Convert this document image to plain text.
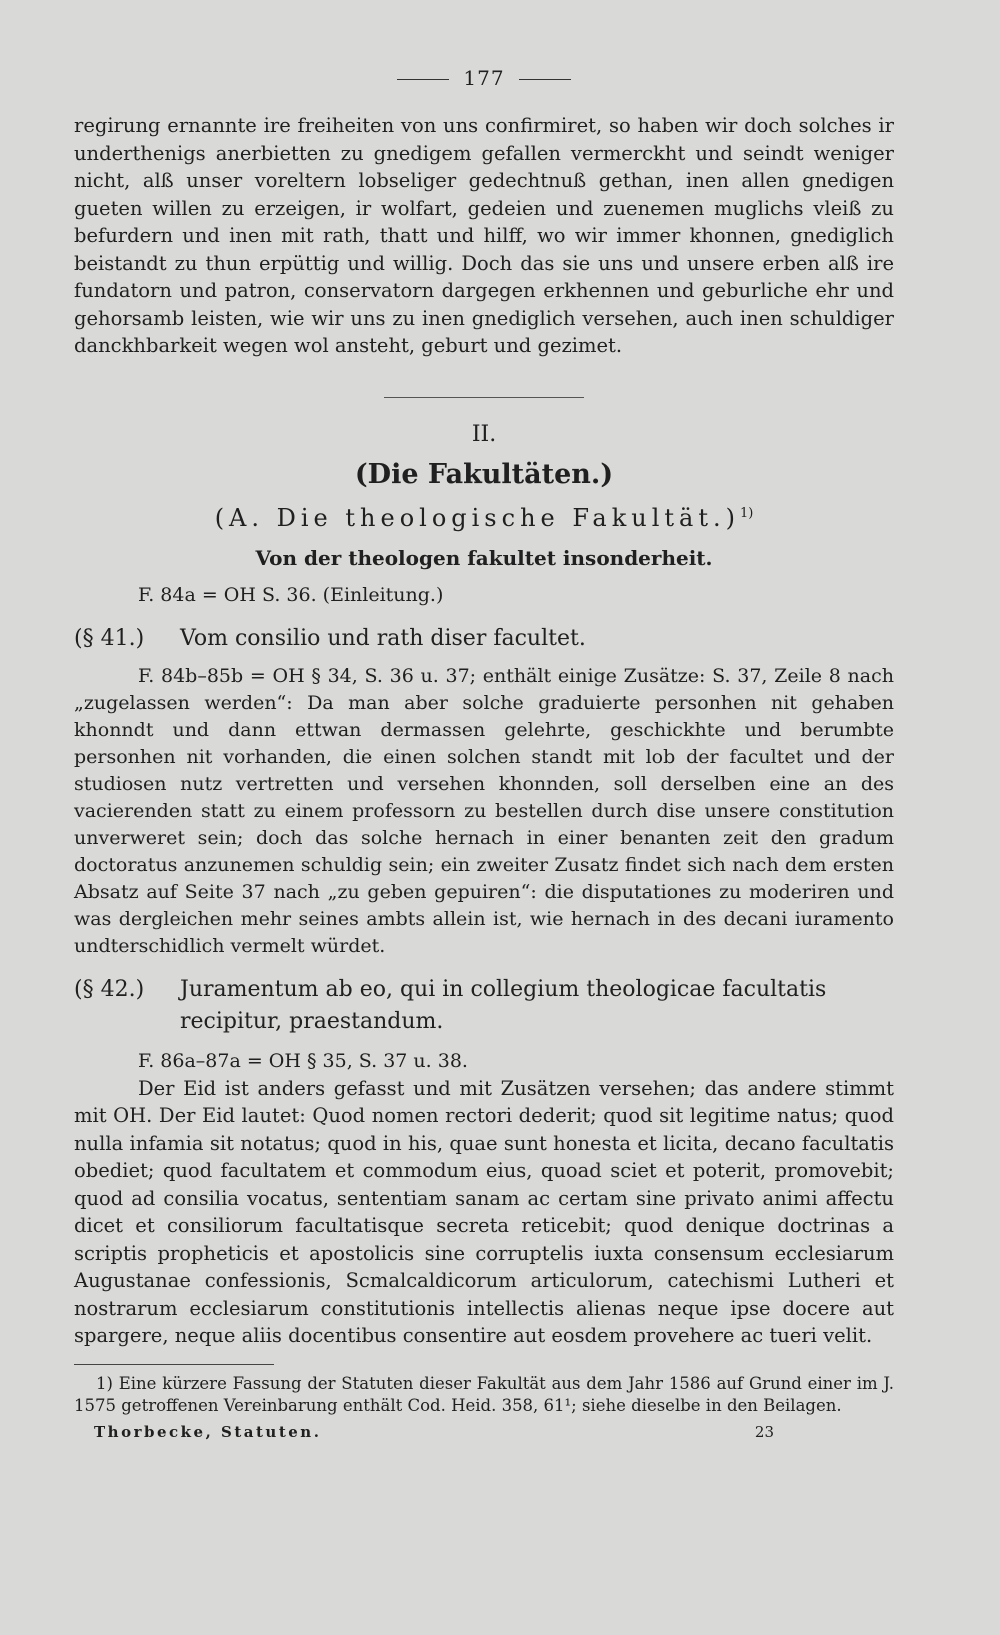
177

regirung ernannte ire freiheiten von uns confirmiret, so haben wir doch solches ir underthenigs anerbietten zu gnedigem gefallen vermerckht und seindt weniger nicht, alß unser voreltern lobseliger gedechtnuß gethan, inen allen gnedigen gueten willen zu erzeigen, ir wolfart, gedeien und zuenemen muglichs vleiß zu befurdern und inen mit rath, thatt und hilff, wo wir immer khonnen, gnediglich beistandt zu thun erpüttig und willig. Doch das sie uns und unsere erben alß ire fundatorn und patron, conservatorn dargegen erkhennen und geburliche ehr und gehorsamb leisten, wie wir uns zu inen gnediglich versehen, auch inen schuldiger danckhbarkeit wegen wol ansteht, geburt und gezimet.

II.
(Die Fakultäten.)
(A. Die theologische Fakultät.)$^{1)}$
Von der theologen fakultet insonderheit.
F. 84a = OH S. 36. (Einleitung.)
(§ 41.)	Vom consilio und rath diser facultet.

F. 84b–85b = OH § 34, S. 36 u. 37; enthält einige Zusätze: S. 37, Zeile 8 nach „zugelassen werden“: Da man aber solche graduierte personhen nit gehaben khonndt und dann ettwan dermassen gelehrte, geschickhte und berumbte personhen nit vorhanden, die einen solchen standt mit lob der facultet und der studiosen nutz vertretten und versehen khonnden, soll derselben eine an des vacierenden statt zu einem professorn zu bestellen durch dise unsere constitution unverweret sein; doch das solche hernach in einer benanten zeit den gradum doctoratus anzunemen schuldig sein; ein zweiter Zusatz findet sich nach dem ersten Absatz auf Seite 37 nach „zu geben gepuiren“: die disputationes zu moderiren und was dergleichen mehr seines ambts allein ist, wie hernach in des decani iuramento undterschidlich vermelt würdet.

(§ 42.)	Juramentum ab eo, qui in collegium theologicae facultatis recipitur, praestandum.

F. 86a–87a = OH § 35, S. 37 u. 38.

Der Eid ist anders gefasst und mit Zusätzen versehen; das andere stimmt mit OH. Der Eid lautet: Quod nomen rectori dederit; quod sit legitime natus; quod nulla infamia sit notatus; quod in his, quae sunt honesta et licita, decano facultatis obediet; quod facultatem et commodum eius, quoad sciet et poterit, promovebit; quod ad consilia vocatus, sententiam sanam ac certam sine privato animi affectu dicet et consiliorum facultatisque secreta reticebit; quod denique doctrinas a scriptis propheticis et apostolicis sine corruptelis iuxta consensum ecclesiarum Augustanae confessionis, Scmalcaldicorum articulorum, catechismi Lutheri et nostrarum ecclesiarum constitutionis intellectis alienas neque ipse docere aut spargere, neque aliis docentibus consentire aut eosdem provehere ac tueri velit.

1) Eine kürzere Fassung der Statuten dieser Fakultät aus dem Jahr 1586 auf Grund einer im J. 1575 getroffenen Vereinbarung enthält Cod. Heid. 358, 61¹; siehe dieselbe in den Beilagen.

Thorbecke, Statuten.	23
